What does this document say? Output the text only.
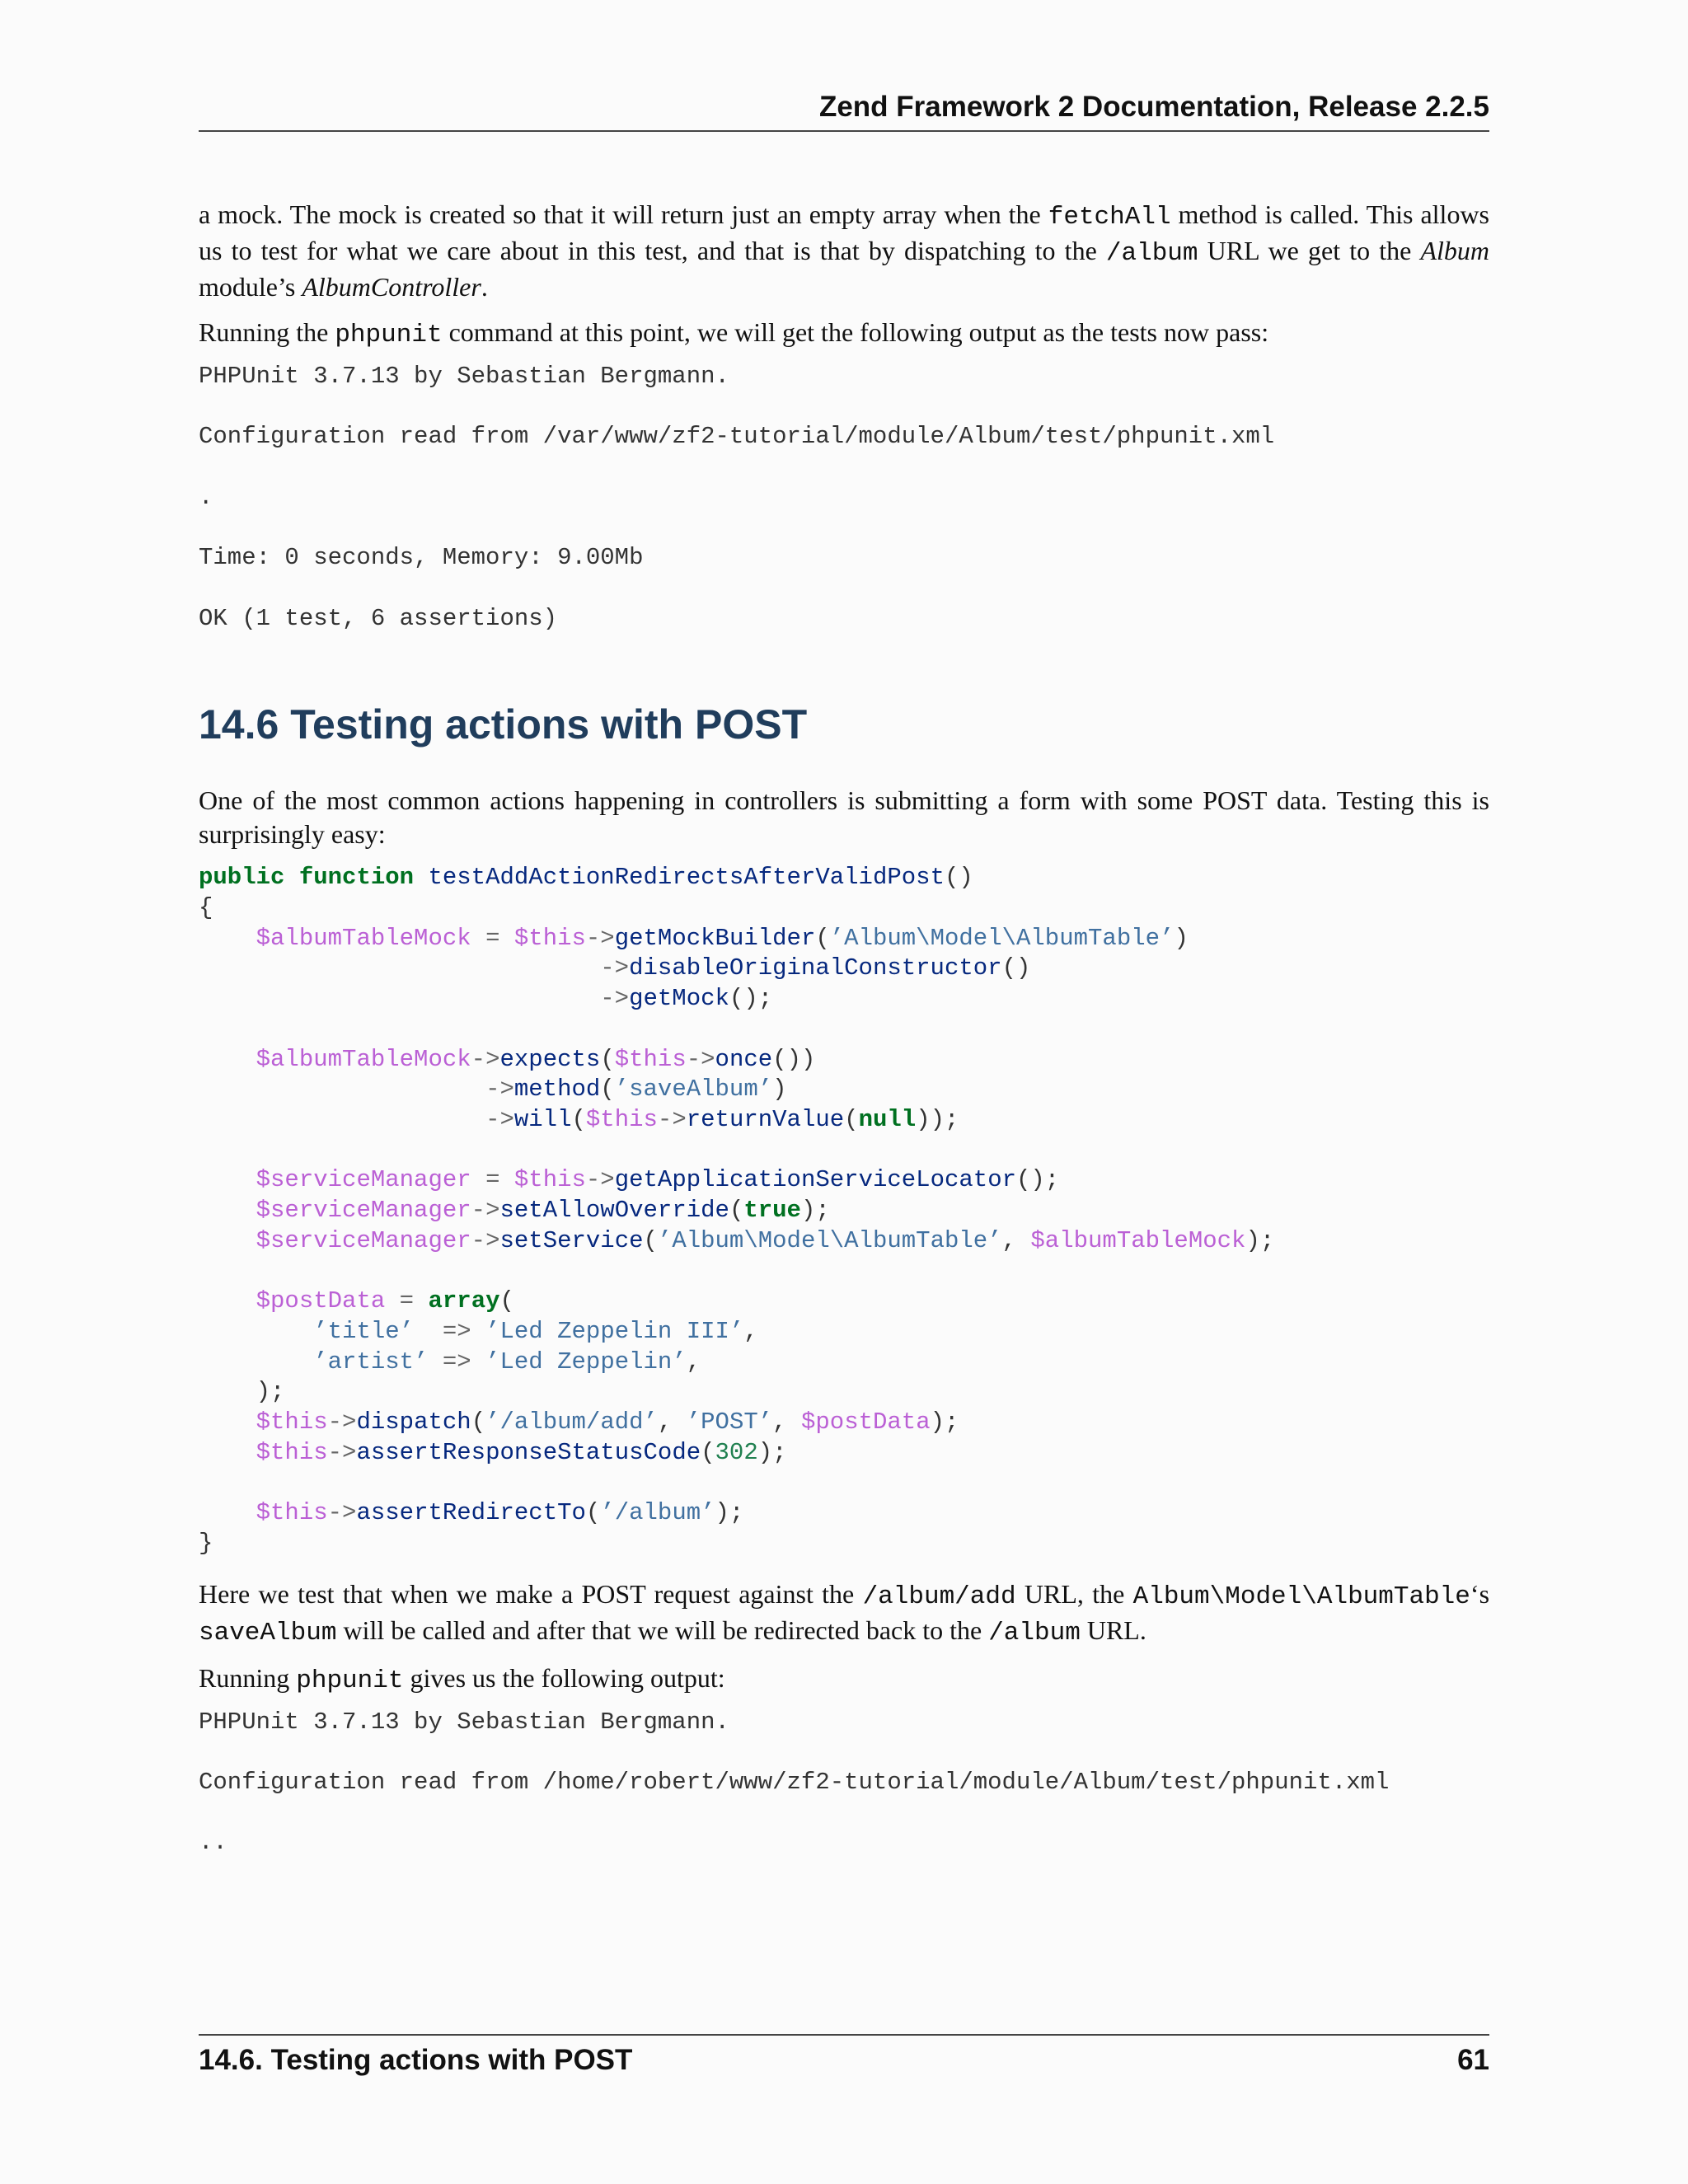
Zend Framework 2 Documentation, Release 2.2.5

a mock. The mock is created so that it will return just an empty array when the fetchAll method is called. This allows us to test for what we care about in this test, and that is that by dispatching to the /album URL we get to the Album module’s AlbumController.

Running the phpunit command at this point, we will get the following output as the tests now pass:

PHPUnit 3.7.13 by Sebastian Bergmann.

Configuration read from /var/www/zf2-tutorial/module/Album/test/phpunit.xml

.

Time: 0 seconds, Memory: 9.00Mb

OK (1 test, 6 assertions)
14.6 Testing actions with POST

One of the most common actions happening in controllers is submitting a form with some POST data. Testing this is surprisingly easy:

public function testAddActionRedirectsAfterValidPost()
{
$albumTableMock = $this->getMockBuilder(’Album\Model\AlbumTable’)
->disableOriginalConstructor()
->getMock();

$albumTableMock->expects($this->once())
->method(’saveAlbum’)
->will($this->returnValue(null));

$serviceManager = $this->getApplicationServiceLocator();
$serviceManager->setAllowOverride(true);
$serviceManager->setService(’Album\Model\AlbumTable’, $albumTableMock);

$postData = array(
’title’ => ’Led Zeppelin III’,
’artist’ => ’Led Zeppelin’,
);
$this->dispatch(’/album/add’, ’POST’, $postData);
$this->assertResponseStatusCode(302);

$this->assertRedirectTo(’/album’);
}

Here we test that when we make a POST request against the /album/add URL, the Album\Model\AlbumTable‘s saveAlbum will be called and after that we will be redirected back to the /album URL.

Running phpunit gives us the following output:

PHPUnit 3.7.13 by Sebastian Bergmann.

Configuration read from /home/robert/www/zf2-tutorial/module/Album/test/phpunit.xml

..
14.6. Testing actions with POST	61
